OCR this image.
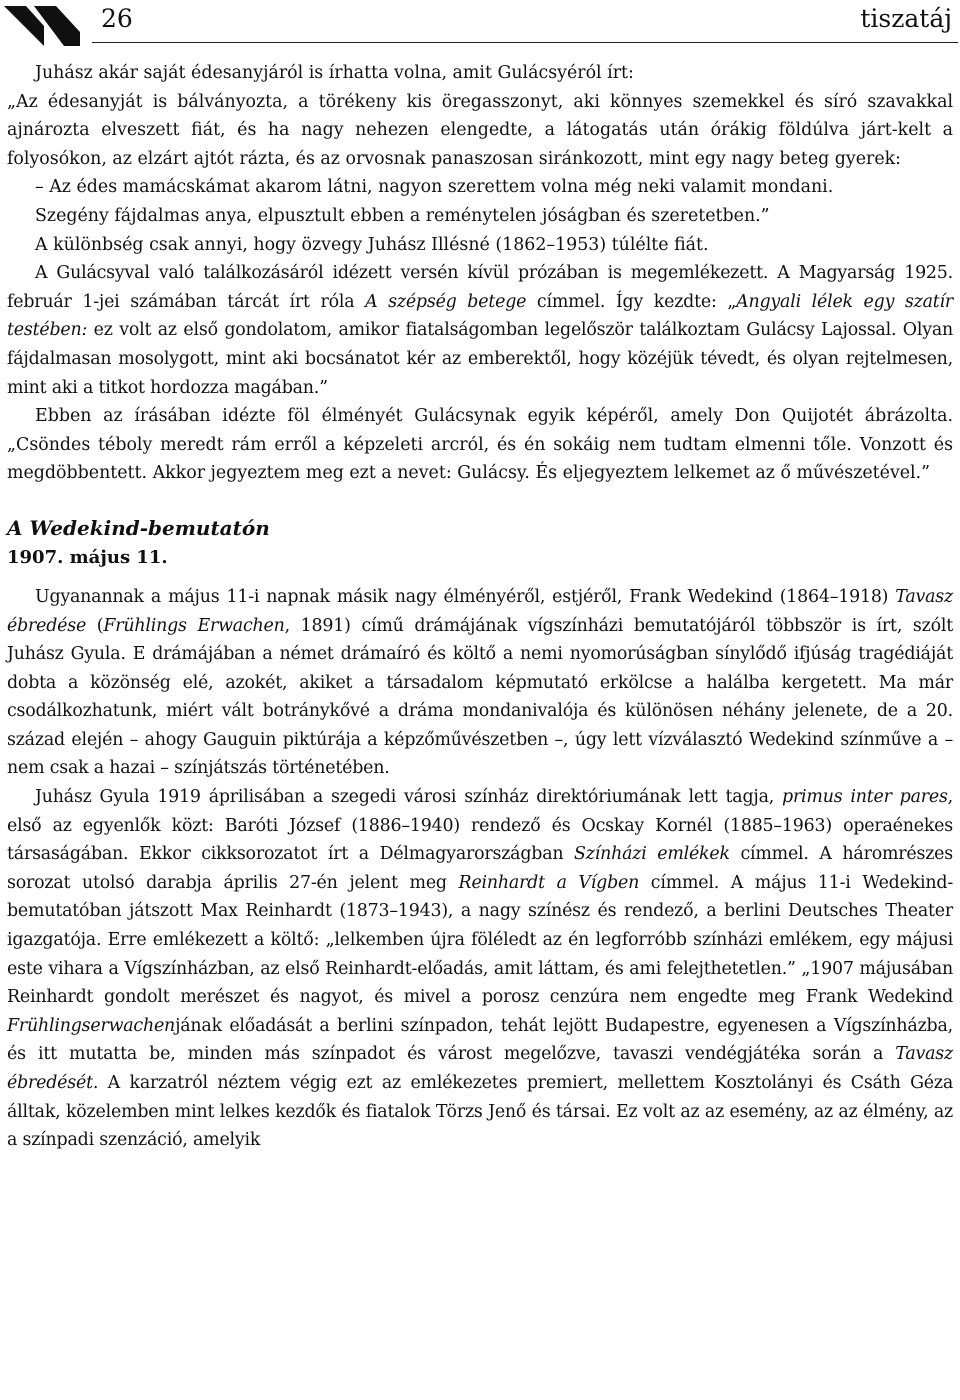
26	tiszatáj

Juhász akár saját édesanyjáról is írhatta volna, amit Gulácsyéról írt:

„Az édesanyját is bálványozta, a törékeny kis öregasszonyt, aki könnyes szemekkel és síró szavakkal ajnározta elveszett fiát, és ha nagy nehezen elengedte, a látogatás után órákig földúlva járt-kelt a folyosókon, az elzárt ajtót rázta, és az orvosnak panaszosan siránkozott, mint egy nagy beteg gyerek:

– Az édes mamácskámat akarom látni, nagyon szerettem volna még neki valamit mondani.

Szegény fájdalmas anya, elpusztult ebben a reménytelen jóságban és szeretetben.”

A különbség csak annyi, hogy özvegy Juhász Illésné (1862–1953) túlélte fiát.

A Gulácsyval való találkozásáról idézett versén kívül prózában is megemlékezett. A Magyarság 1925. február 1-jei számában tárcát írt róla A szépség betege címmel. Így kezdte: „Angyali lélek egy szatír testében: ez volt az első gondolatom, amikor fiatalságomban legelőször találkoztam Gulácsy Lajossal. Olyan fájdalmasan mosolygott, mint aki bocsánatot kér az emberektől, hogy közéjük tévedt, és olyan rejtelmesen, mint aki a titkot hordozza magában.”

Ebben az írásában idézte föl élményét Gulácsynak egyik képéről, amely Don Quijotét ábrázolta. „Csöndes téboly meredt rám erről a képzeleti arcról, és én sokáig nem tudtam elmenni tőle. Vonzott és megdöbbentett. Akkor jegyeztem meg ezt a nevet: Gulácsy. És eljegyeztem lelkemet az ő művészetével.”

A Wedekind-bemutatón
1907. május 11.

Ugyanannak a május 11-i napnak másik nagy élményéről, estjéről, Frank Wedekind (1864–1918) Tavasz ébredése (Frühlings Erwachen, 1891) című drámájának vígszínházi bemutatójáról többször is írt, szólt Juhász Gyula. E drámájában a német drámaíró és költő a nemi nyomorúságban sínylődő ifjúság tragédiáját dobta a közönség elé, azokét, akiket a társadalom képmutató erkölcse a halálba kergetett. Ma már csodálkozhatunk, miért vált botránykővé a dráma mondanivalója és különösen néhány jelenete, de a 20. század elején – ahogy Gauguin piktúrája a képzőművészetben –, úgy lett vízválasztó Wedekind színműve a – nem csak a hazai – színjátszás történetében.

Juhász Gyula 1919 áprilisában a szegedi városi színház direktóriumának lett tagja, primus inter pares, első az egyenlők közt: Baróti József (1886–1940) rendező és Ocskay Kornél (1885–1963) operaénekes társaságában. Ekkor cikksorozatot írt a Délmagyarországban Színházi emlékek címmel. A háromrészes sorozat utolsó darabja április 27-én jelent meg Reinhardt a Vígben címmel. A május 11-i Wedekind-bemutatóban játszott Max Reinhardt (1873–1943), a nagy színész és rendező, a berlini Deutsches Theater igazgatója. Erre emlékezett a költő: „lelkemben újra föléledt az én legforróbb színházi emlékem, egy májusi este vihara a Vígszínházban, az első Reinhardt-előadás, amit láttam, és ami felejthetetlen.” „1907 májusában Reinhardt gondolt merészet és nagyot, és mivel a porosz cenzúra nem engedte meg Frank Wedekind Frühlingserwachenjának előadását a berlini színpadon, tehát lejött Budapestre, egyenesen a Vígszínházba, és itt mutatta be, minden más színpadot és várost megelőzve, tavaszi vendégjátéka során a Tavasz ébredését. A karzatról néztem végig ezt az emlékezetes premiert, mellettem Kosztolányi és Csáth Géza álltak, közelemben mint lelkes kezdők és fiatalok Törzs Jenő és társai. Ez volt az az esemény, az az élmény, az a színpadi szenzáció, amelyik
